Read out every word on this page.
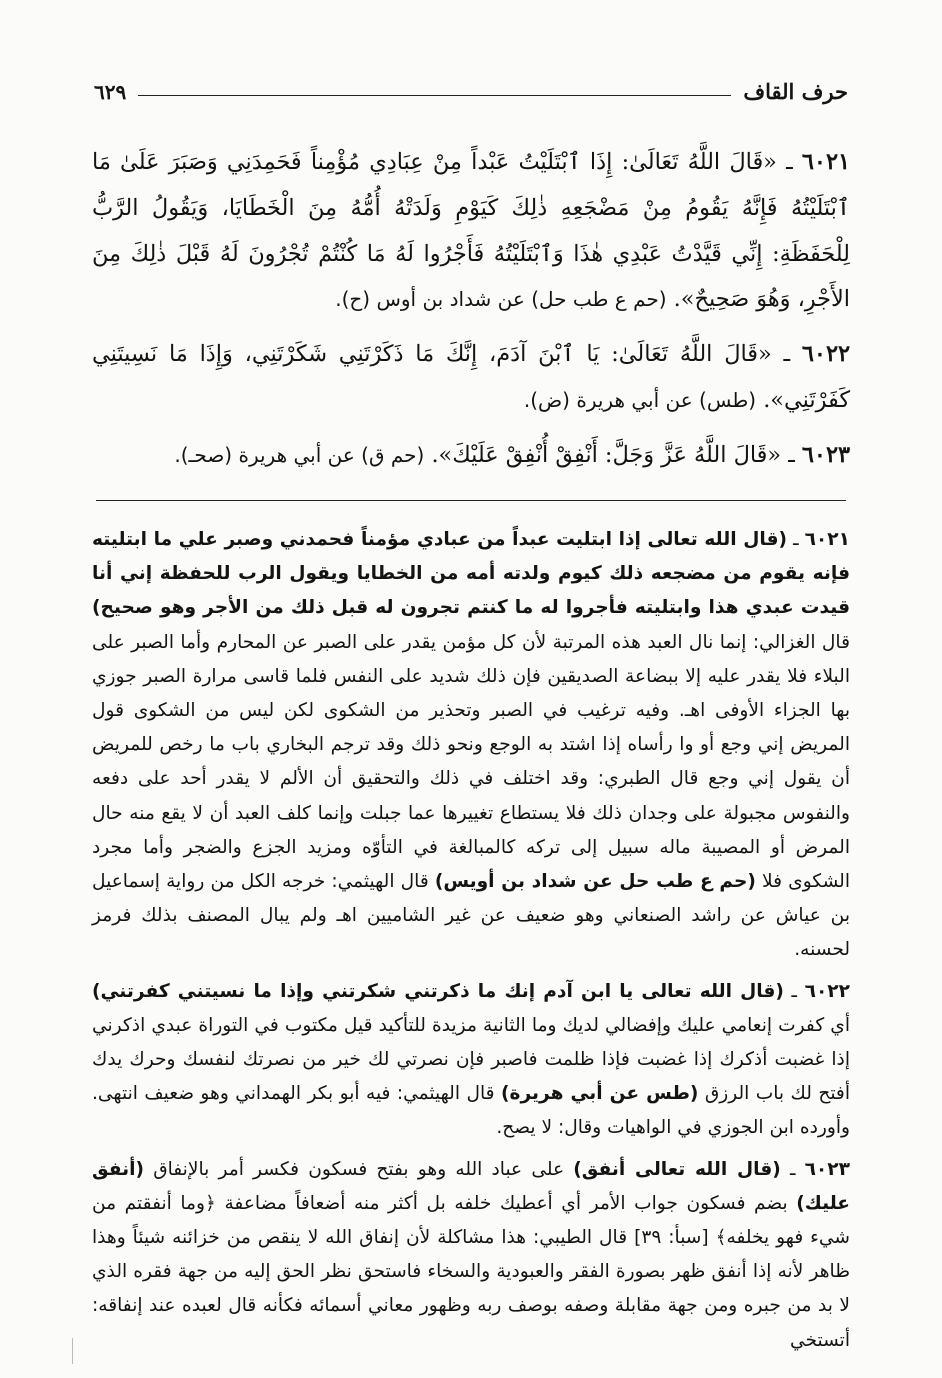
حرف القاف
٦٢٩

٦٠٢١ ـ «قَالَ اللَّهُ تَعَالَىٰ: إِذَا ٱبْتَلَيْتُ عَبْداً مِنْ عِبَادِي مُؤْمِناً فَحَمِدَنِي وَصَبَرَ عَلَىٰ مَا ٱبْتَلَيْتُهُ فَإِنَّهُ يَقُومُ مِنْ مَضْجَعِهِ ذٰلِكَ كَيَوْمِ وَلَدَتْهُ أُمُّهُ مِنَ الْخَطَايَا، وَيَقُولُ الرَّبُّ لِلْحَفَظَةِ: إِنِّي قَيَّدْتُ عَبْدِي هٰذَا وَٱبْتَلَيْتُهُ فَأَجْرُوا لَهُ مَا كُنْتُمْ تُجْرُونَ لَهُ قَبْلَ ذٰلِكَ مِنَ الأَجْرِ، وَهُوَ صَحِيحٌ». (حم ع طب حل) عن شداد بن أوس (ح).

٦٠٢٢ ـ «قَالَ اللَّهُ تَعَالَىٰ: يَا ٱبْنَ آدَمَ، إِنَّكَ مَا ذَكَرْتَنِي شَكَرْتَنِي، وَإِذَا مَا نَسِيتَنِي كَفَرْتَنِي». (طس) عن أبي هريرة (ض).

٦٠٢٣ ـ «قَالَ اللَّهُ عَزَّ وَجَلَّ: أَنْفِقْ أُنْفِقْ عَلَيْكَ». (حم ق) عن أبي هريرة (صحـ).

٦٠٢١ ـ (قال الله تعالى إذا ابتليت عبداً من عبادي مؤمناً فحمدني وصبر علي ما ابتليته فإنه يقوم من مضجعه ذلك كيوم ولدته أمه من الخطايا ويقول الرب للحفظة إني أنا قيدت عبدي هذا وابتليته فأجروا له ما كنتم تجرون له قبل ذلك من الأجر وهو صحيح) قال الغزالي: إنما نال العبد هذه المرتبة لأن كل مؤمن يقدر على الصبر عن المحارم وأما الصبر على البلاء فلا يقدر عليه إلا ببضاعة الصديقين فإن ذلك شديد على النفس فلما قاسى مرارة الصبر جوزي بها الجزاء الأوفى اهـ. وفيه ترغيب في الصبر وتحذير من الشكوى لكن ليس من الشكوى قول المريض إني وجع أو وا رأساه إذا اشتد به الوجع ونحو ذلك وقد ترجم البخاري باب ما رخص للمريض أن يقول إني وجع قال الطبري: وقد اختلف في ذلك والتحقيق أن الألم لا يقدر أحد على دفعه والنفوس مجبولة على وجدان ذلك فلا يستطاع تغييرها عما جبلت وإنما كلف العبد أن لا يقع منه حال المرض أو المصيبة ماله سبيل إلى تركه كالمبالغة في التأوّه ومزيد الجزع والضجر وأما مجرد الشكوى فلا (حم ع طب حل عن شداد بن أويس) قال الهيثمي: خرجه الكل من رواية إسماعيل بن عياش عن راشد الصنعاني وهو ضعيف عن غير الشاميين اهـ ولم يبال المصنف بذلك فرمز لحسنه.

٦٠٢٢ ـ (قال الله تعالى يا ابن آدم إنك ما ذكرتني شكرتني وإذا ما نسيتني كفرتني) أي كفرت إنعامي عليك وإفضالي لديك وما الثانية مزيدة للتأكيد قيل مكتوب في التوراة عبدي اذكرني إذا غضبت أذكرك إذا غضبت فإذا ظلمت فاصبر فإن نصرتي لك خير من نصرتك لنفسك وحرك يدك أفتح لك باب الرزق (طس عن أبي هريرة) قال الهيثمي: فيه أبو بكر الهمداني وهو ضعيف انتهى. وأورده ابن الجوزي في الواهيات وقال: لا يصح.

٦٠٢٣ ـ (قال الله تعالى أنفق) على عباد الله وهو بفتح فسكون فكسر أمر بالإنفاق (أنفق عليك) بضم فسكون جواب الأمر أي أعطيك خلفه بل أكثر منه أضعافاً مضاعفة ﴿وما أنفقتم من شيء فهو يخلفه﴾ [سبأ: ٣٩] قال الطيبي: هذا مشاكلة لأن إنفاق الله لا ينقص من خزائنه شيئاً وهذا ظاهر لأنه إذا أنفق ظهر بصورة الفقر والعبودية والسخاء فاستحق نظر الحق إليه من جهة فقره الذي لا بد من جبره ومن جهة مقابلة وصفه بوصف ربه وظهور معاني أسمائه فكأنه قال لعبده عند إنفاقه: أتستخي
